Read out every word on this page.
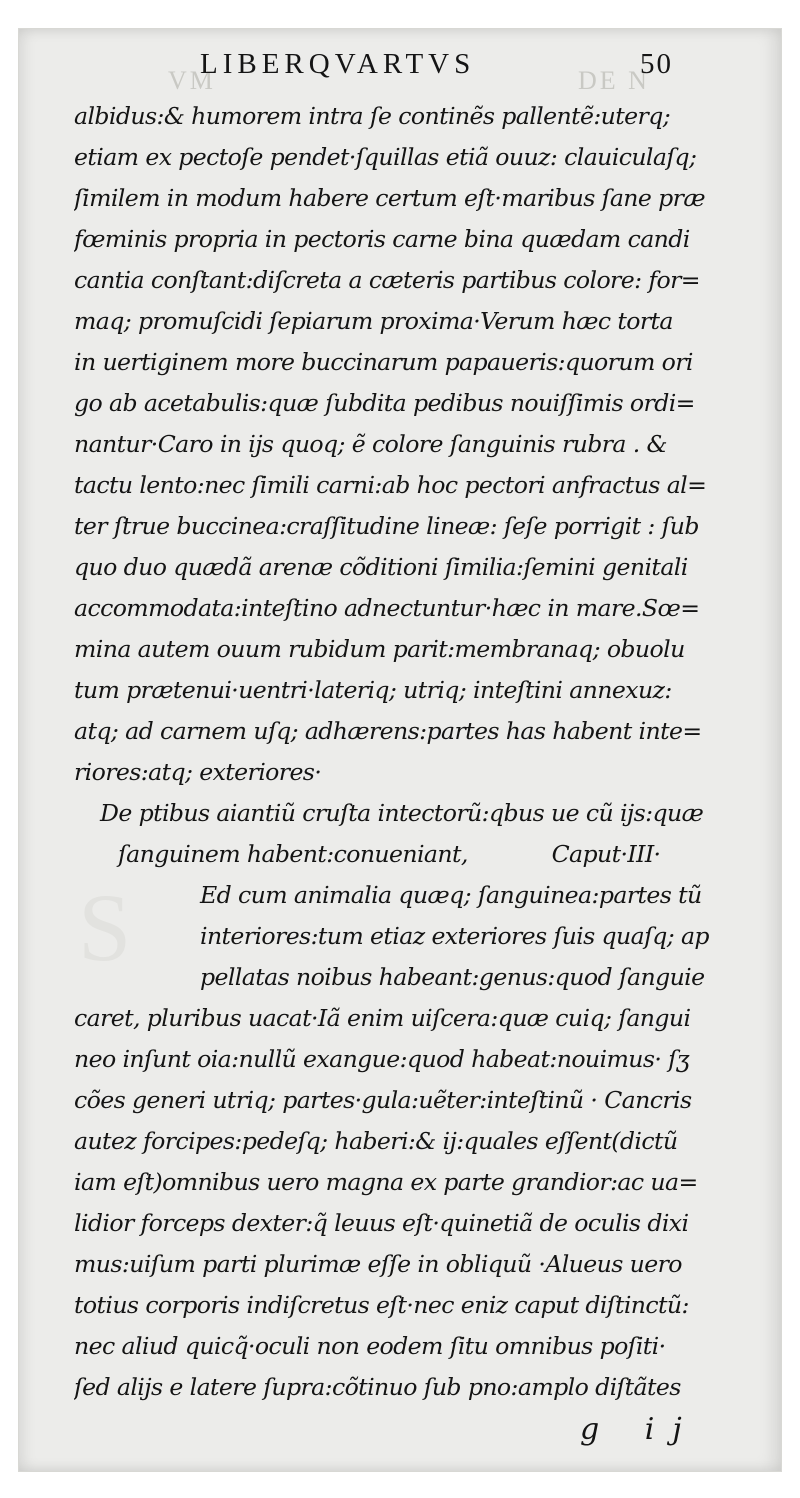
DE N
VM
LIBERQVARTVS	50
albidus:& humorem intra ſe continẽs pallentẽ:uterq;
etiam ex pectoſe pendet·ſquillas etiã ouuz: clauiculaſq;
ſimilem in modum habere certum eſt·maribus ſane præ
fœminis propria in pectoris carne bina quædam candi
cantia conſtant:diſcreta a cæteris partibus colore: for=
maq; promuſcidi ſepiarum proxima·Verum hæc torta
in uertiginem more buccinarum papaueris:quorum ori
go ab acetabulis:quæ ſubdita pedibus nouiſſimis ordi=
nantur·Caro in ijs quoq; ẽ colore ſanguinis rubra . &
tactu lento:nec ſimili carni:ab hoc pectori anfractus al=
ter ſtrue buccinea:craſſitudine lineæ: ſeſe porrigit : ſub
quo duo quædã arenæ cõditioni ſimilia:ſemini genitali
accommodata:inteſtino adnectuntur·hæc in mare.Sœ=
mina autem ouum rubidum parit:membranaq; obuolu
tum prætenui·uentri·lateriq; utriq; inteſtini annexuz:
atq; ad carnem uſq; adhærens:partes has habent inte=
riores:atq; exteriores·
De ptibus aiantiũ cruſta intectorũ:qbus ue cũ ijs:quæ
ſanguinem habent:conueniant,	Caput·III·
Ed cum animalia quæq; ſanguinea:partes tũ
interiores:tum etiaz exteriores ſuis quaſq; ap
pellatas noibus habeant:genus:quod ſanguie
caret, pluribus uacat·Iã enim uiſcera:quæ cuiq; ſangui
neo inſunt oia:nullũ exangue:quod habeat:nouimus· ſʒ
cões generi utriq; partes·gula:uẽter:inteſtinũ · Cancris
autez forcipes:pedeſq; haberi:& ij:quales eſſent(dictũ
iam eſt)omnibus uero magna ex parte grandior:ac ua=
lidior forceps dexter:q̃ leuus eſt·quinetiã de oculis dixi
mus:uiſum parti plurimæ eſſe in obliquũ ·Alueus uero
totius corporis indiſcretus eſt·nec eniz caput diſtinctũ:
nec aliud quicq̃·oculi non eodem ſitu omnibus poſiti·
ſed alijs e latere ſupra:cõtinuo ſub pno:amplo diſtãtes
S
g ij
